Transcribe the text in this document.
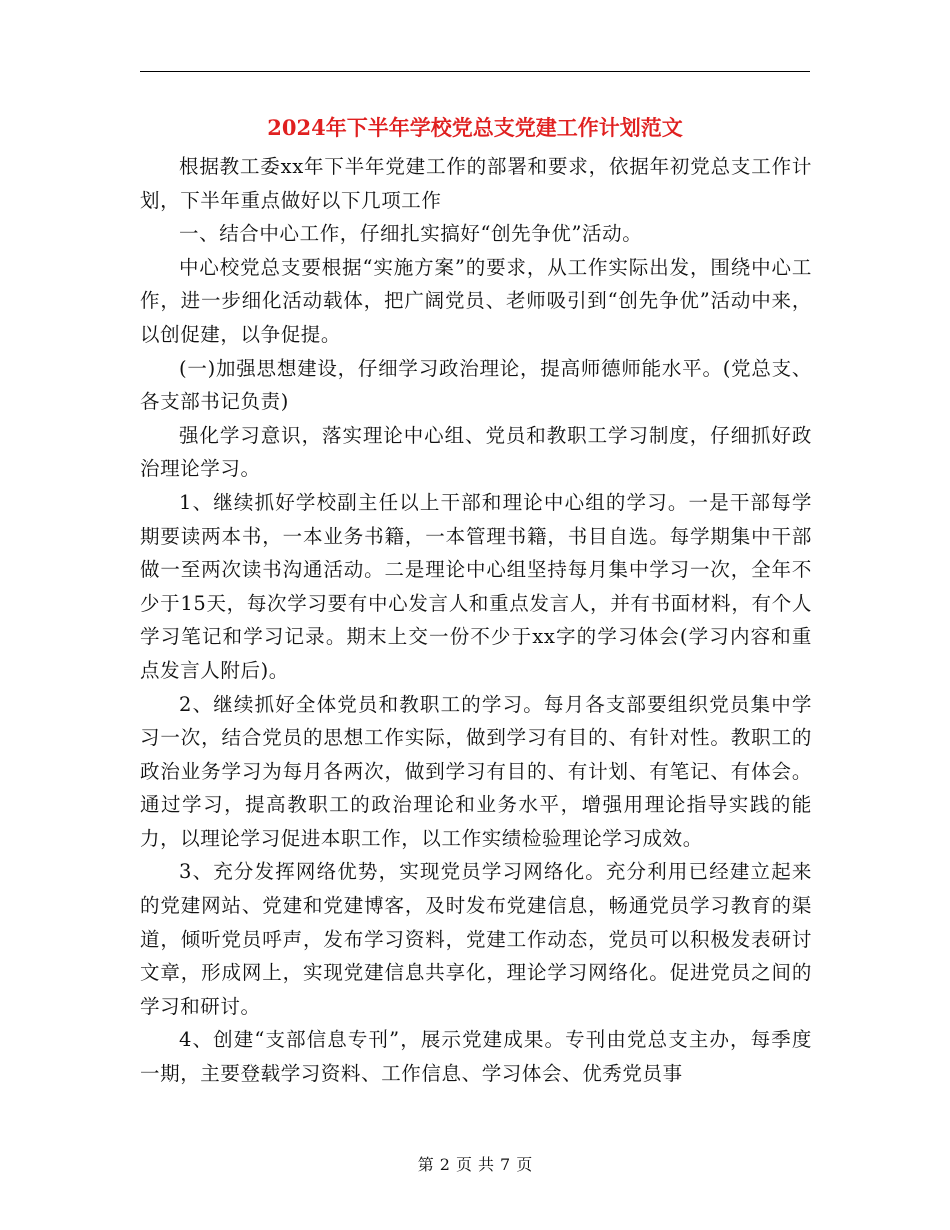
2024年下半年学校党总支党建工作计划范文

根据教工委xx年下半年党建工作的部署和要求，依据年初党总支工作计划，下半年重点做好以下几项工作

一、结合中心工作，仔细扎实搞好“创先争优”活动。

中心校党总支要根据“实施方案”的要求，从工作实际出发，围绕中心工作，进一步细化活动载体，把广阔党员、老师吸引到“创先争优”活动中来，以创促建，以争促提。

(一)加强思想建设，仔细学习政治理论，提高师德师能水平。(党总支、各支部书记负责)

强化学习意识，落实理论中心组、党员和教职工学习制度，仔细抓好政治理论学习。

1、继续抓好学校副主任以上干部和理论中心组的学习。一是干部每学期要读两本书，一本业务书籍，一本管理书籍，书目自选。每学期集中干部做一至两次读书沟通活动。二是理论中心组坚持每月集中学习一次，全年不少于15天，每次学习要有中心发言人和重点发言人，并有书面材料，有个人学习笔记和学习记录。期末上交一份不少于xx字的学习体会(学习内容和重点发言人附后)。

2、继续抓好全体党员和教职工的学习。每月各支部要组织党员集中学习一次，结合党员的思想工作实际，做到学习有目的、有针对性。教职工的政治业务学习为每月各两次，做到学习有目的、有计划、有笔记、有体会。通过学习，提高教职工的政治理论和业务水平，增强用理论指导实践的能力，以理论学习促进本职工作，以工作实绩检验理论学习成效。

3、充分发挥网络优势，实现党员学习网络化。充分利用已经建立起来的党建网站、党建和党建博客，及时发布党建信息，畅通党员学习教育的渠道，倾听党员呼声，发布学习资料，党建工作动态，党员可以积极发表研讨文章，形成网上，实现党建信息共享化，理论学习网络化。促进党员之间的学习和研讨。

4、创建“支部信息专刊”，展示党建成果。专刊由党总支主办，每季度一期，主要登载学习资料、工作信息、学习体会、优秀党员事

第 2 页 共 7 页
